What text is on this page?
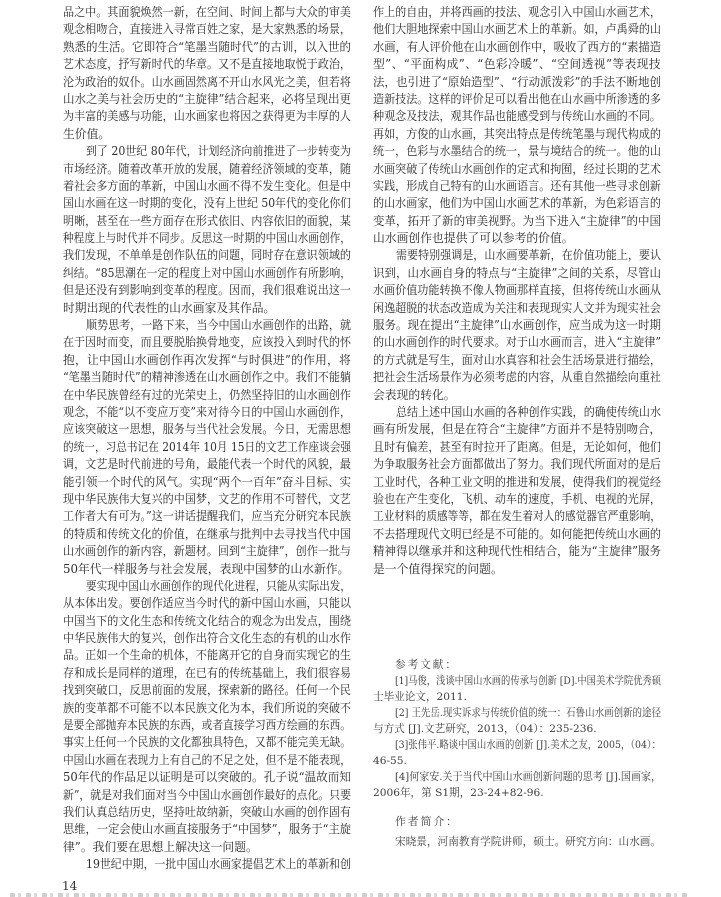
品之中。其面貌焕然一新，在空间、时间上都与大众的审美
观念相吻合，直接进入寻常百姓之家，是大家熟悉的场景，
熟悉的生活。它即符合“笔墨当随时代”的古训，以入世的
艺术态度，抒写新时代的华章。又不是直接地取悦于政治，
沦为政治的奴仆。山水画固然离不开山水风光之美，但若将
山水之美与社会历史的“主旋律”结合起来，必将呈现出更
为丰富的美感与功能，山水画家也将因之获得更为丰厚的人
生价值。
到了 20世纪 80年代，计划经济向前推进了一步转变为
市场经济。随着改革开放的发展，随着经济领域的变革，随
着社会多方面的革新，中国山水画不得不发生变化。但是中
国山水画在这一时期的变化，没有上世纪 50年代的变化你们
明晰，甚至在一些方面存在形式依旧、内容依旧的面貌，某
种程度上与时代并不同步。反思这一时期的中国山水画创作，
我们发现，不单单是创作队伍的问题，同时存在意识领域的
纠结。“85思潮在一定的程度上对中国山水画创作有所影响，
但是还没有到影响到变革的程度。因而，我们很难说出这一
时期出现的代表性的山水画家及其作品。
顺势思考，一路下来，当今中国山水画创作的出路，就
在于因时而变，而且要脱胎换骨地变，应该投入到时代的怀
抱，让中国山水画创作再次发挥“与时俱进”的作用，将
“笔墨当随时代”的精神渗透在山水画创作之中。我们不能躺
在中华民族曾经有过的光荣史上，仍然坚持旧的山水画创作
观念，不能“以不变应万变”来对待今日的中国山水画创作，
应该突破这一思想，服务与当代社会发展。今日，无需思想
的统一，习总书记在 2014年 10月 15日的文艺工作座谈会强
调，文艺是时代前进的号角，最能代表一个时代的风貌，最
能引领一个时代的风气。实现“两个一百年”奋斗目标、实
现中华民族伟大复兴的中国梦，文艺的作用不可替代，文艺
工作者大有可为。”这一讲话提醒我们，应当充分研究本民族
的特质和传统文化的价值，在继承与批判中去寻找当代中国
山水画创作的新内容，新题材。回到“主旋律”，创作一批与
50年代一样服务与社会发展，表现中国梦的山水新作。
要实现中国山水画创作的现代化进程，只能从实际出发，
从本体出发。要创作适应当今时代的新中国山水画，只能以
中国当下的文化生态和传统文化结合的观念为出发点，围绕
中华民族伟大的复兴，创作出符合文化生态的有机的山水作
品。正如一个生命的机体，不能离开它的自身而实现它的生
存和成长是同样的道理，在已有的传统基础上，我们很容易
找到突破口，反思前面的发展，探索新的路径。任何一个民
族的变革都不可能不以本民族文化为本，我们所说的突破不
是要全部抛弃本民族的东西，或者直接学习西方绘画的东西。
事实上任何一个民族的文化都独具特色，又都不能完美无缺。
中国山水画在表现力上有自己的不足之处，但不是不能表现，
50年代的作品足以证明是可以突破的。孔子说“温故而知
新”，就是对我们面对当今中国山水画创作最好的点化。只要
我们认真总结历史，坚持吐故纳新，突破山水画的创作固有
思维，一定会使山水画直接服务于“中国梦”，服务于“主旋
律”。我们要在思想上解决这一问题。
19世纪中期，一批中国山水画家提倡艺术上的革新和创
作上的自由，并将西画的技法、观念引入中国山水画艺术，
他们大胆地探索中国山水画艺术上的革新。如，卢禹舜的山
水画，有人评价他在山水画创作中，吸收了西方的“素描造
型”、“平面构成”、“色彩冷暖”、“空间透视”等表现技
法，也引进了“原始造型”、“行动派泼彩”的手法不断地创
造新技法。这样的评价足可以看出他在山水画中所渗透的多
种观念及技法，观其作品也能感受到与传统山水画的不同。
再如，方俊的山水画，其突出特点是传统笔墨与现代构成的
统一，色彩与水墨结合的统一，景与境结合的统一。他的山
水画突破了传统山水画创作的定式和拘囿，经过长期的艺术
实践，形成自己特有的山水画语言。还有其他一些寻求创新
的山水画家，他们为中国山水画艺术的革新，为色彩语言的
变革，拓开了新的审美视野。为当下进入“主旋律”的中国
山水画创作也提供了可以参考的价值。
需要特别强调是，山水画要革新，在价值功能上，要认
识到，山水画自身的特点与“主旋律”之间的关系，尽管山
水画价值功能转换不像人物画那样直接，但将传统山水画从
闲逸超脱的状态改造成为关注和表现现实人文并为现实社会
服务。现在提出“主旋律”山水画创作，应当成为这一时期
的山水画创作的时代要求。对于山水画而言，进入“主旋律”
的方式就是写生，面对山水真容和社会生活场景进行描绘，
把社会生活场景作为必须考虑的内容，从重自然描绘向重社
会表现的转化。
总结上述中国山水画的各种创作实践，的确使传统山水
画有所发展，但是在符合“主旋律”方面并不是特别吻合，
且时有偏差，甚至有时拉开了距离。但是，无论如何，他们
为争取服务社会方面都做出了努力。我们现代所面对的是后
工业时代，各种工业文明的推进和发展，使得我们的视觉经
验也在产生变化，飞机、动车的速度，手机、电视的光屏，
工业材料的质感等等，都在发生着对人的感觉器官严重影响，
不去搭理现代文明已经是不可能的。如何能把传统山水画的
精神得以继承并和这种现代性相结合，能为“主旋律”服务
是一个值得探究的问题。
参考文献：
[1]马俊，浅谈中国山水画的传承与创新 [D].中国美术学院优秀硕
士毕业论文，2011.
[2] 王先岳.现实诉求与传统价值的统一：石鲁山水画创新的途径
与方式 [J].文艺研究，2013，（04）：235-236.
[3]张伟平.略谈中国山水画的创新 [J].美术之友，2005，（04）：
46-55.
[4]何家安.关于当代中国山水画创新问题的思考 [J].国画家，
2006年，第 S1期，23-24+82-96.
作者简介：
宋晓景，河南教育学院讲师，硕士。研究方向：山水画。
14
